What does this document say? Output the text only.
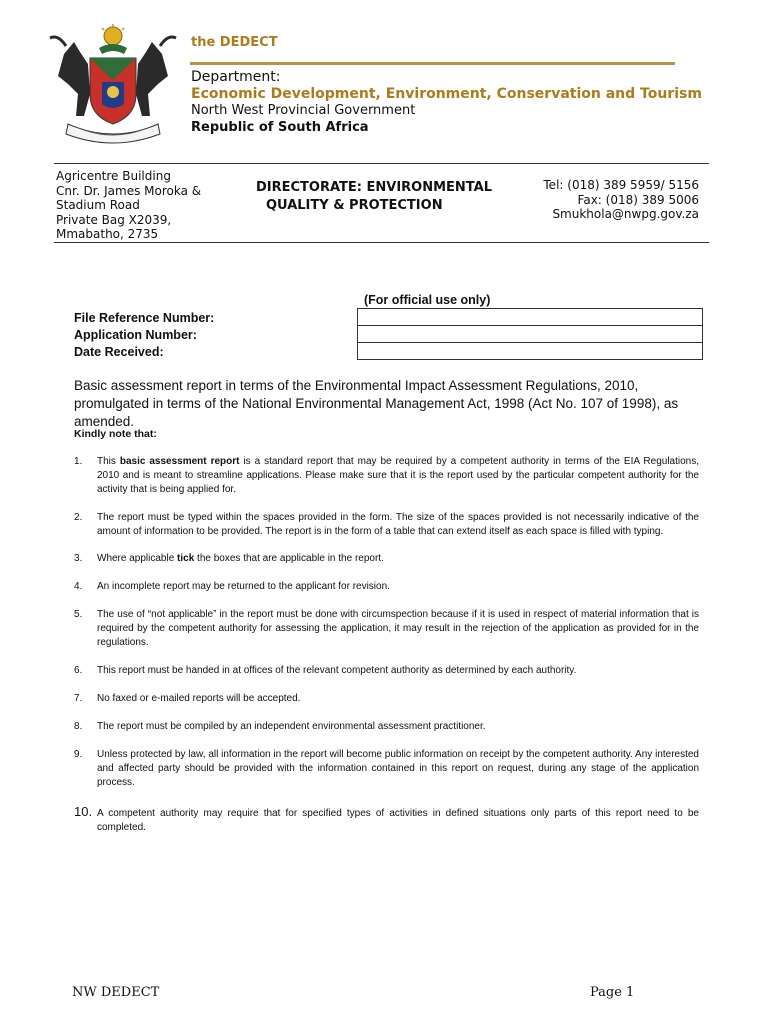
the DEDECT
Department:
Economic Development, Environment, Conservation and Tourism
North West Provincial Government
Republic of South Africa
Agricentre Building
Cnr. Dr. James Moroka &
Stadium Road
Private Bag X2039,
Mmabatho, 2735
DIRECTORATE: ENVIRONMENTAL
QUALITY & PROTECTION
Tel: (018) 389 5959/ 5156
Fax: (018) 389 5006
Smukhola@nwpg.gov.za
(For official use only)
File Reference Number:
Application Number:
Date Received:

Basic assessment report in terms of the Environmental Impact Assessment Regulations, 2010, promulgated in terms of the National Environmental Management Act, 1998 (Act No. 107 of 1998), as amended.
Kindly note that:
1. This basic assessment report is a standard report that may be required by a competent authority in terms of the EIA Regulations, 2010 and is meant to streamline applications. Please make sure that it is the report used by the particular competent authority for the activity that is being applied for.
2. The report must be typed within the spaces provided in the form. The size of the spaces provided is not necessarily indicative of the amount of information to be provided. The report is in the form of a table that can extend itself as each space is filled with typing.
3. Where applicable tick the boxes that are applicable in the report.
4. An incomplete report may be returned to the applicant for revision.
5. The use of “not applicable” in the report must be done with circumspection because if it is used in respect of material information that is required by the competent authority for assessing the application, it may result in the rejection of the application as provided for in the regulations.
6. This report must be handed in at offices of the relevant competent authority as determined by each authority.
7. No faxed or e-mailed reports will be accepted.
8. The report must be compiled by an independent environmental assessment practitioner.
9. Unless protected by law, all information in the report will become public information on receipt by the competent authority. Any interested and affected party should be provided with the information contained in this report on request, during any stage of the application process.
10. A competent authority may require that for specified types of activities in defined situations only parts of this report need to be completed.
NW DEDECT	Page 1
